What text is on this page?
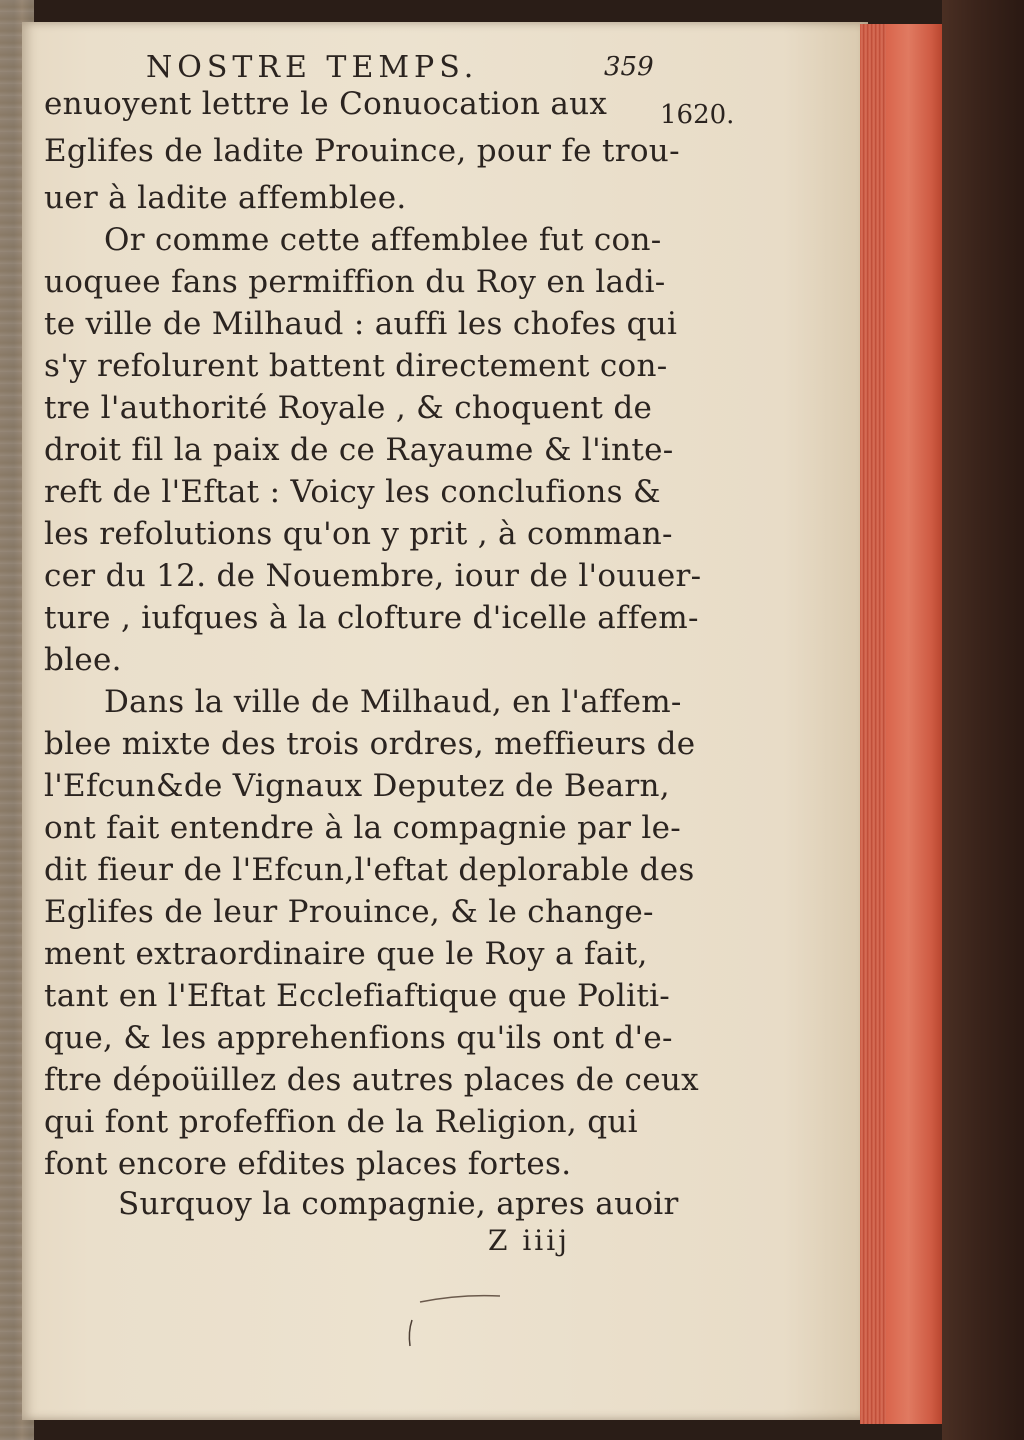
NOSTRE TEMPS.	359
1620.
enuoyent lettre le Conuocation aux
Eglifes de ladite Prouince, pour fe trou-
uer à ladite affemblee.
Or comme cette affemblee fut con-
uoquee fans permiffion du Roy en ladi-
te ville de Milhaud : auffi les chofes qui
s'y refolurent battent directement con-
tre l'authorité Royale , & choquent de
droit fil la paix de ce Rayaume & l'inte-
reft de l'Eftat : Voicy les conclufions &
les refolutions qu'on y prit , à comman-
cer du 12. de Nouembre, iour de l'ouuer-
ture , iufques à la clofture d'icelle affem-
blee.
Dans la ville de Milhaud, en l'affem-
blee mixte des trois ordres, meffieurs de
l'Efcun&de Vignaux Deputez de Bearn,
ont fait entendre à la compagnie par le-
dit fieur de l'Efcun,l'eftat deplorable des
Eglifes de leur Prouince, & le change-
ment extraordinaire que le Roy a fait,
tant en l'Eftat Ecclefiaftique que Politi-
que, & les apprehenfions qu'ils ont d'e-
ftre dépoüillez des autres places de ceux
qui font profeffion de la Religion, qui
font encore efdites places fortes.
Surquoy la compagnie, apres auoir
Z iiij
